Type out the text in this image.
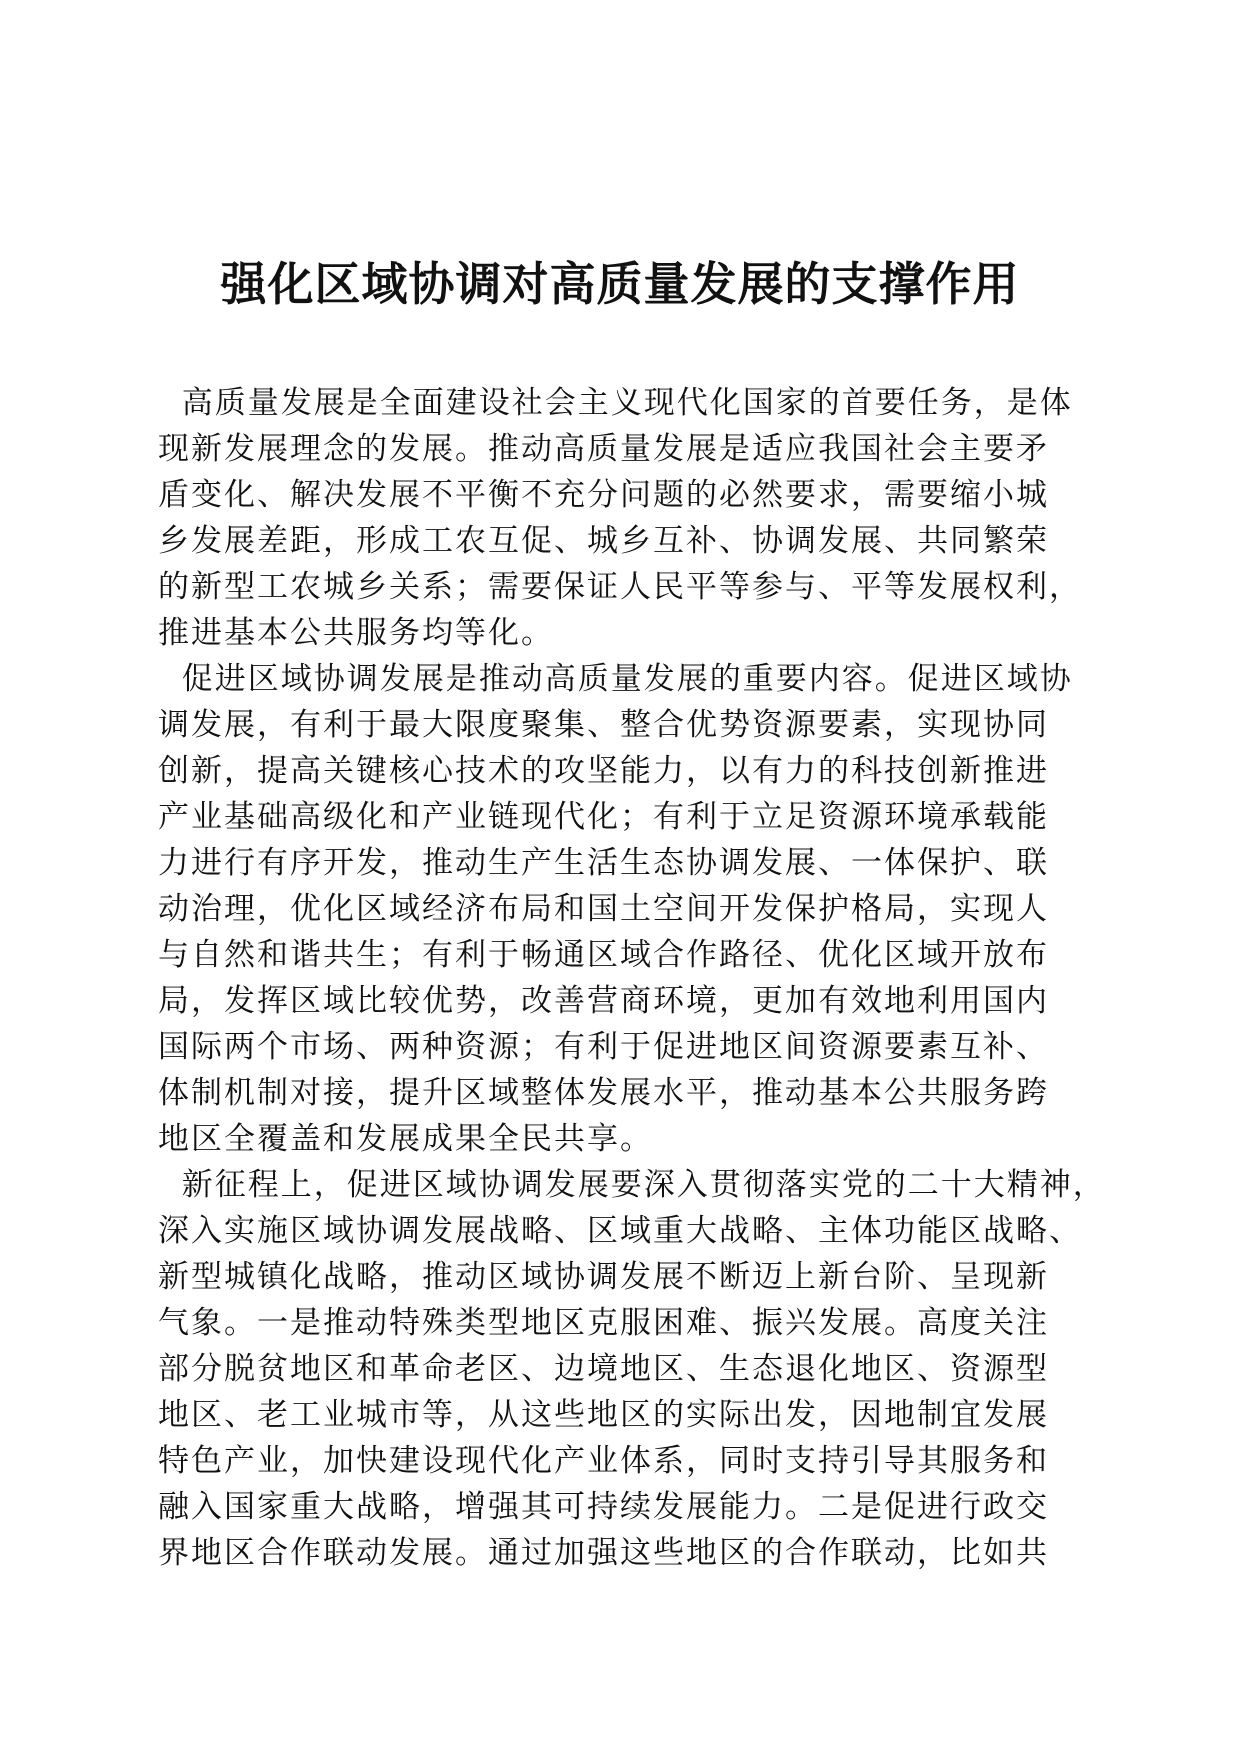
强化区域协调对高质量发展的支撑作用
高质量发展是全面建设社会主义现代化国家的首要任务，是体
现新发展理念的发展。推动高质量发展是适应我国社会主要矛
盾变化、解决发展不平衡不充分问题的必然要求，需要缩小城
乡发展差距，形成工农互促、城乡互补、协调发展、共同繁荣
的新型工农城乡关系；需要保证人民平等参与、平等发展权利，
推进基本公共服务均等化。
促进区域协调发展是推动高质量发展的重要内容。促进区域协
调发展，有利于最大限度聚集、整合优势资源要素，实现协同
创新，提高关键核心技术的攻坚能力，以有力的科技创新推进
产业基础高级化和产业链现代化；有利于立足资源环境承载能
力进行有序开发，推动生产生活生态协调发展、一体保护、联
动治理，优化区域经济布局和国土空间开发保护格局，实现人
与自然和谐共生；有利于畅通区域合作路径、优化区域开放布
局，发挥区域比较优势，改善营商环境，更加有效地利用国内
国际两个市场、两种资源；有利于促进地区间资源要素互补、
体制机制对接，提升区域整体发展水平，推动基本公共服务跨
地区全覆盖和发展成果全民共享。
新征程上，促进区域协调发展要深入贯彻落实党的二十大精神，
深入实施区域协调发展战略、区域重大战略、主体功能区战略、
新型城镇化战略，推动区域协调发展不断迈上新台阶、呈现新
气象。一是推动特殊类型地区克服困难、振兴发展。高度关注
部分脱贫地区和革命老区、边境地区、生态退化地区、资源型
地区、老工业城市等，从这些地区的实际出发，因地制宜发展
特色产业，加快建设现代化产业体系，同时支持引导其服务和
融入国家重大战略，增强其可持续发展能力。二是促进行政交
界地区合作联动发展。通过加强这些地区的合作联动，比如共
